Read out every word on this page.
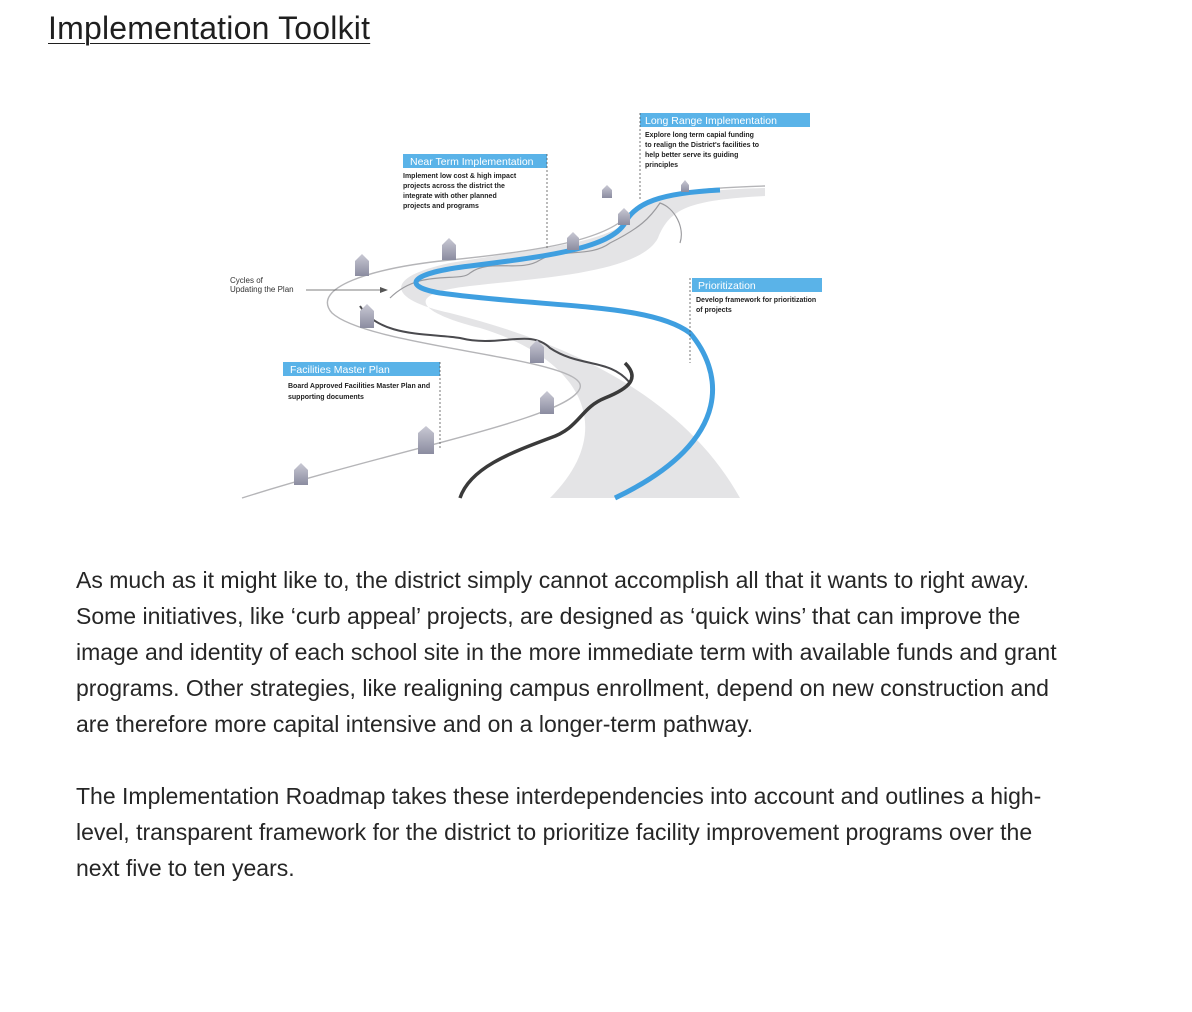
Implementation Toolkit
Cycles of
Updating the Plan
Facilities Master Plan
Board Approved Facilities Master Plan and
supporting documents
Near Term Implementation
Implement low cost & high impact
projects across the district the
integrate with other planned
projects and programs
Long Range Implementation
Explore long term capial funding
to realign the District's facilities to
help better serve its guiding
principles
Prioritization
Develop framework for prioritization
of projects

As much as it might like to, the district simply cannot accomplish all that it wants to right away. Some initiatives, like ‘curb appeal’ projects, are designed as ‘quick wins’ that can improve the image and identity of each school site in the more immediate term with available funds and grant programs. Other strategies, like realigning campus enrollment, depend on new construction and are therefore more capital intensive and on a longer-term pathway.

The Implementation Roadmap takes these interdependencies into account and outlines a high-level, transparent framework for the district to prioritize facility improvement programs over the next five to ten years.
